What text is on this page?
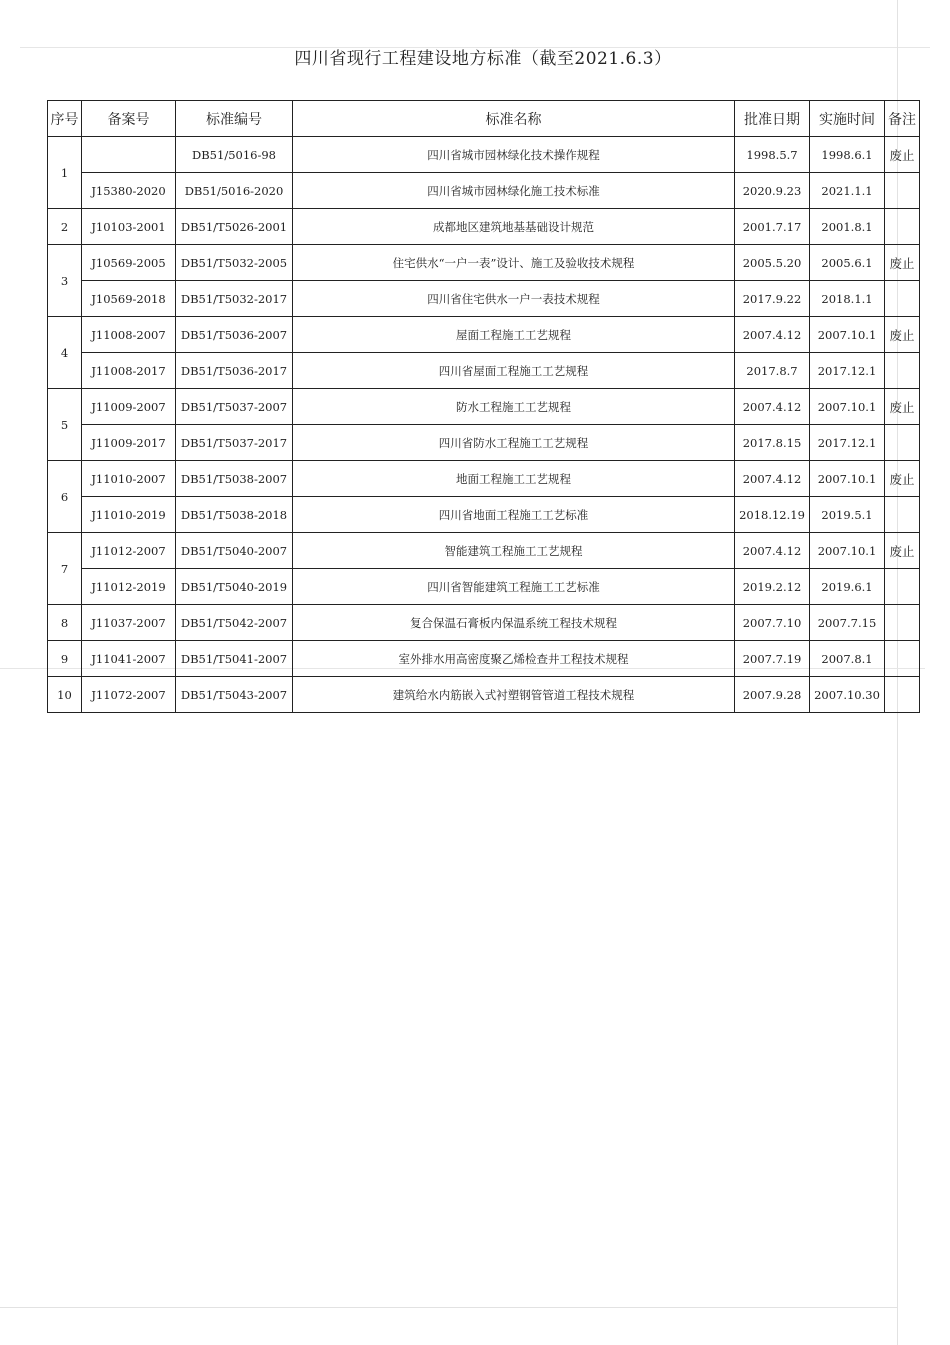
四川省现行工程建设地方标准（截至2021.6.3）
序号	备案号	标准编号	标准名称	批准日期	实施时间	备注
1		DB51/5016-98	四川省城市园林绿化技术操作规程	1998.5.7	1998.6.1	废止
	J15380-2020	DB51/5016-2020	四川省城市园林绿化施工技术标准	2020.9.23	2021.1.1	
2	J10103-2001	DB51/T5026-2001	成都地区建筑地基基础设计规范	2001.7.17	2001.8.1	
3	J10569-2005	DB51/T5032-2005	住宅供水“一户一表”设计、施工及验收技术规程	2005.5.20	2005.6.1	废止
	J10569-2018	DB51/T5032-2017	四川省住宅供水一户一表技术规程	2017.9.22	2018.1.1	
4	J11008-2007	DB51/T5036-2007	屋面工程施工工艺规程	2007.4.12	2007.10.1	废止
	J11008-2017	DB51/T5036-2017	四川省屋面工程施工工艺规程	2017.8.7	2017.12.1	
5	J11009-2007	DB51/T5037-2007	防水工程施工工艺规程	2007.4.12	2007.10.1	废止
	J11009-2017	DB51/T5037-2017	四川省防水工程施工工艺规程	2017.8.15	2017.12.1	
6	J11010-2007	DB51/T5038-2007	地面工程施工工艺规程	2007.4.12	2007.10.1	废止
	J11010-2019	DB51/T5038-2018	四川省地面工程施工工艺标准	2018.12.19	2019.5.1	
7	J11012-2007	DB51/T5040-2007	智能建筑工程施工工艺规程	2007.4.12	2007.10.1	废止
	J11012-2019	DB51/T5040-2019	四川省智能建筑工程施工工艺标准	2019.2.12	2019.6.1	
8	J11037-2007	DB51/T5042-2007	复合保温石膏板内保温系统工程技术规程	2007.7.10	2007.7.15	
9	J11041-2007	DB51/T5041-2007	室外排水用高密度聚乙烯检查井工程技术规程	2007.7.19	2007.8.1	
10	J11072-2007	DB51/T5043-2007	建筑给水内筋嵌入式衬塑钢管管道工程技术规程	2007.9.28	2007.10.30	
